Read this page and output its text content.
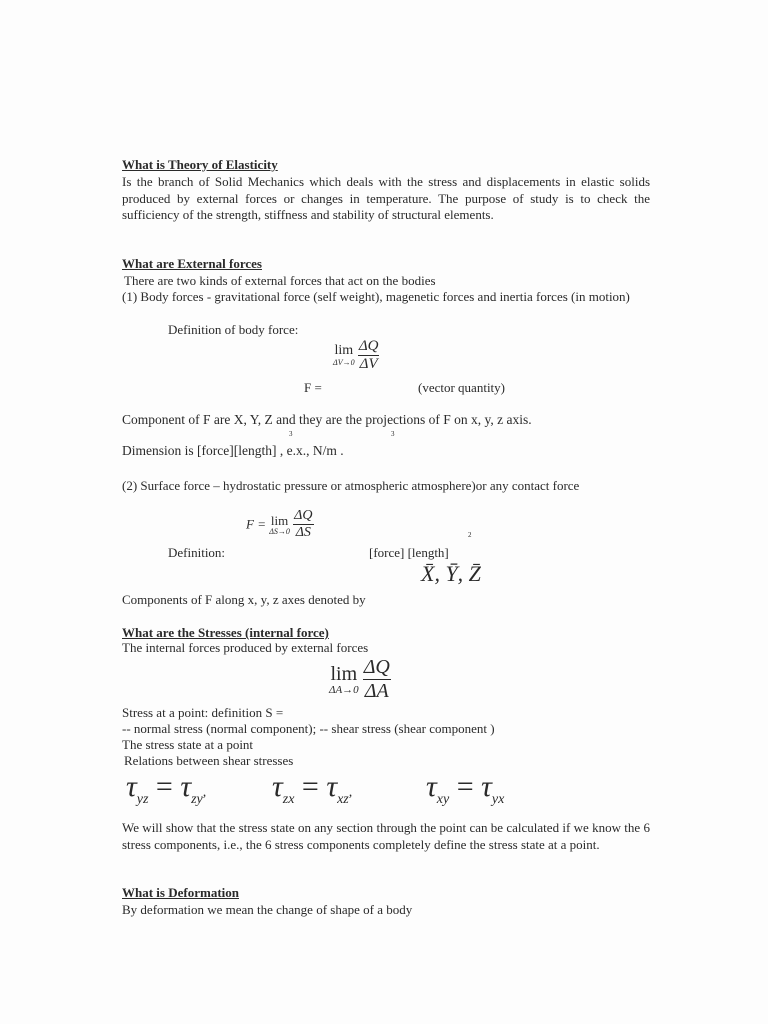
What is Theory of Elasticity
Is the branch of Solid Mechanics which deals with the stress and displacements in elastic solids produced by external forces or changes in temperature. The purpose of study is to check the sufficiency of the strength, stiffness and stability of structural elements.
What are External forces
There are two kinds of external forces that act on the bodies
(1) Body forces - gravitational force (self weight), magenetic forces and inertia forces (in motion)
Definition of body force:
lim
ΔV→0
$\frac{\Delta Q}{\Delta V}$
F =	(vector quantity)
Component of F are X, Y, Z and they are the projections of F on x, y, z axis.
3	3
Dimension is [force][length] , e.x., N/m .
(2) Surface force – hydrostatic pressure or atmospheric atmosphere)or any contact force
F = lim
ΔS→0
$\frac{\Delta Q}{\Delta S}$	2
Definition:	[force] [length]
X̄, Ȳ, Z̄
Components of F along x, y, z axes denoted by
What are the Stresses (internal force)
The internal forces produced by external forces
lim
ΔA→0
$\frac{\Delta Q}{\Delta A}$
Stress at a point: definition S =
-- normal stress (normal component); -- shear stress (shear component )
The stress state at a point
Relations between shear stresses
$\tau_{yz} = \tau_{zy}$, $\tau_{zx} = \tau_{xz}$, $\tau_{xy} = \tau_{yx}$
We will show that the stress state on any section through the point can be calculated if we know the 6 stress components, i.e., the 6 stress components completely define the stress state at a point.
What is Deformation
By deformation we mean the change of shape of a body
